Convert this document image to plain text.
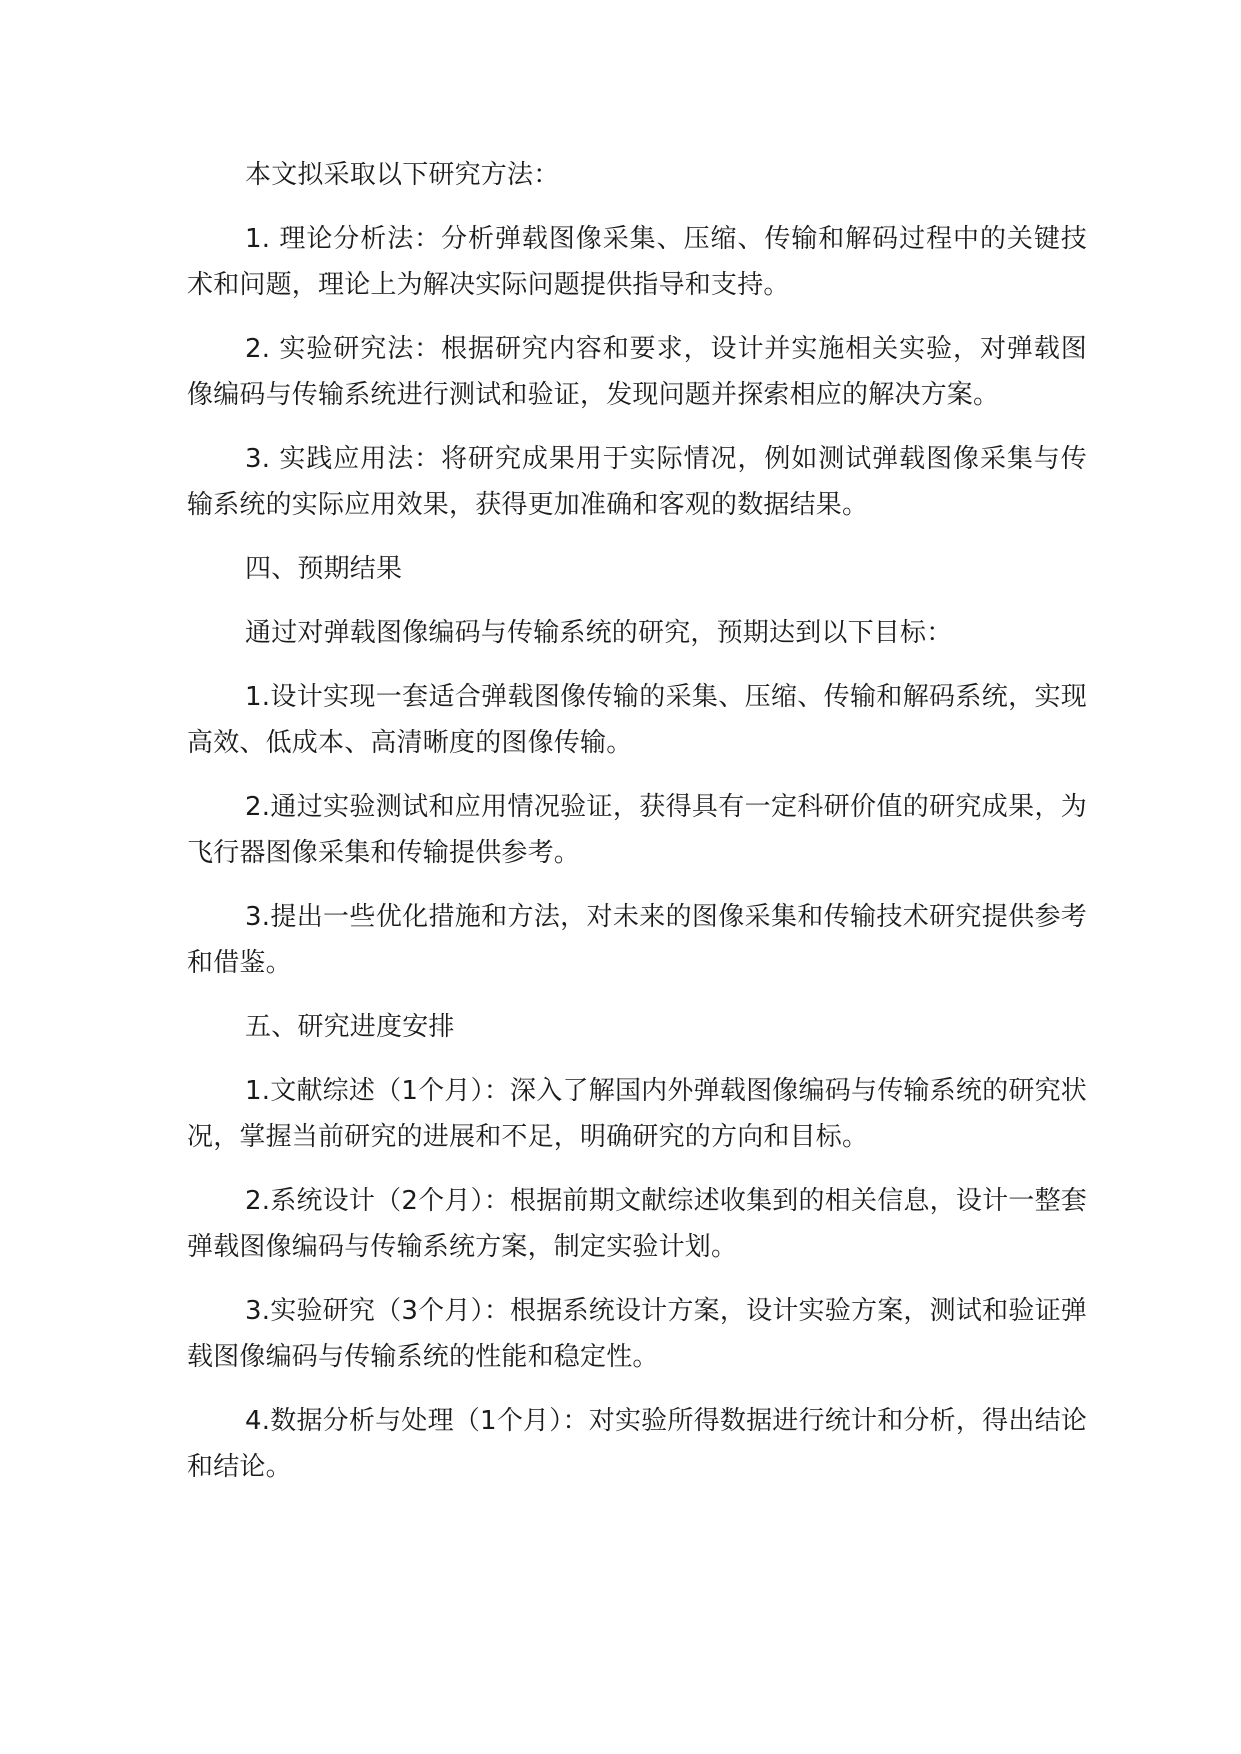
本文拟采取以下研究方法：

1. 理论分析法：分析弹载图像采集、压缩、传输和解码过程中的关键技术和问题，理论上为解决实际问题提供指导和支持。

2. 实验研究法：根据研究内容和要求，设计并实施相关实验，对弹载图像编码与传输系统进行测试和验证，发现问题并探索相应的解决方案。

3. 实践应用法：将研究成果用于实际情况，例如测试弹载图像采集与传输系统的实际应用效果，获得更加准确和客观的数据结果。

四、预期结果

通过对弹载图像编码与传输系统的研究，预期达到以下目标：

1.设计实现一套适合弹载图像传输的采集、压缩、传输和解码系统，实现高效、低成本、高清晰度的图像传输。

2.通过实验测试和应用情况验证，获得具有一定科研价值的研究成果，为飞行器图像采集和传输提供参考。

3.提出一些优化措施和方法，对未来的图像采集和传输技术研究提供参考和借鉴。

五、研究进度安排

1.文献综述（1个月）：深入了解国内外弹载图像编码与传输系统的研究状况，掌握当前研究的进展和不足，明确研究的方向和目标。

2.系统设计（2个月）：根据前期文献综述收集到的相关信息，设计一整套弹载图像编码与传输系统方案，制定实验计划。

3.实验研究（3个月）：根据系统设计方案，设计实验方案，测试和验证弹载图像编码与传输系统的性能和稳定性。

4.数据分析与处理（1个月）：对实验所得数据进行统计和分析，得出结论和结论。
